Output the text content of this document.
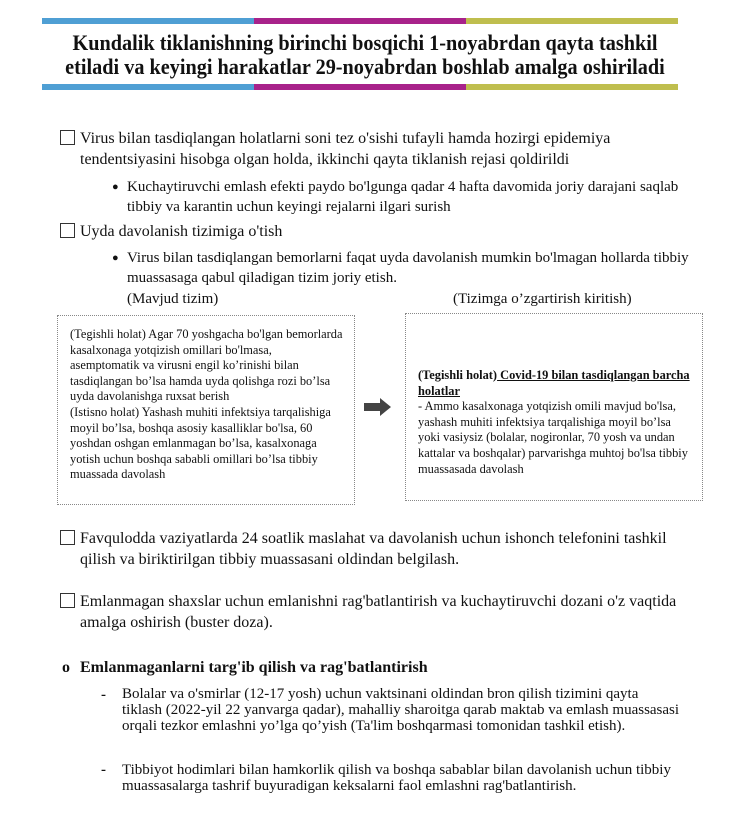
Kundalik tiklanishning birinchi bosqichi 1-noyabrdan qayta tashkil
etiladi va keyingi harakatlar 29-noyabrdan boshlab amalga oshiriladi
Virus bilan tasdiqlangan holatlarni soni tez o'sishi tufayli hamda hozirgi epidemiya tendentsiyasini hisobga olgan holda, ikkinchi qayta tiklanish rejasi qoldirildi
● Kuchaytiruvchi emlash efekti paydo bo'lgunga qadar 4 hafta davomida joriy darajani saqlab tibbiy va karantin uchun keyingi rejalarni ilgari surish
Uyda davolanish tizimiga o'tish
● Virus bilan tasdiqlangan bemorlarni faqat uyda davolanish mumkin bo'lmagan hollarda tibbiy muassasaga qabul qiladigan tizim joriy etish.
(Mavjud tizim)	(Tizimga o’zgartirish kiritish)
(Tegishli holat) Agar 70 yoshgacha bo'lgan bemorlarda kasalxonaga yotqizish omillari bo'lmasa, asemptomatik va virusni engil ko’rinishi bilan tasdiqlangan bo’lsa hamda uyda qolishga rozi bo’lsa uyda davolanishga ruxsat berish
(Istisno holat) Yashash muhiti infektsiya tarqalishiga moyil bo’lsa, boshqa asosiy kasalliklar bo'lsa, 60 yoshdan oshgan emlanmagan bo’lsa, kasalxonaga yotish uchun boshqa sababli omillari bo’lsa tibbiy muassada davolash
(Tegishli holat) Covid-19 bilan tasdiqlangan barcha holatlar
- Ammo kasalxonaga yotqizish omili mavjud bo'lsa, yashash muhiti infektsiya tarqalishiga moyil bo’lsa yoki vasiysiz (bolalar, nogironlar, 70 yosh va undan kattalar va boshqalar) parvarishga muhtoj bo'lsa tibbiy muassasada davolash
Favqulodda vaziyatlarda 24 soatlik maslahat va davolanish uchun ishonch telefonini tashkil qilish va biriktirilgan tibbiy muassasani oldindan belgilash.
Emlanmagan shaxslar uchun emlanishni rag'batlantirish va kuchaytiruvchi dozani o'z vaqtida amalga oshirish (buster doza).
o Emlanmaganlarni targ'ib qilish va rag'batlantirish
- Bolalar va o'smirlar (12-17 yosh) uchun vaktsinani oldindan bron qilish tizimini qayta tiklash (2022-yil 22 yanvarga qadar), mahalliy sharoitga qarab maktab va emlash muassasasi orqali tezkor emlashni yo’lga qo’yish (Ta'lim boshqarmasi tomonidan tashkil etish).
- Tibbiyot hodimlari bilan hamkorlik qilish va boshqa sabablar bilan davolanish uchun tibbiy muassasalarga tashrif buyuradigan keksalarni faol emlashni rag'batlantirish.
